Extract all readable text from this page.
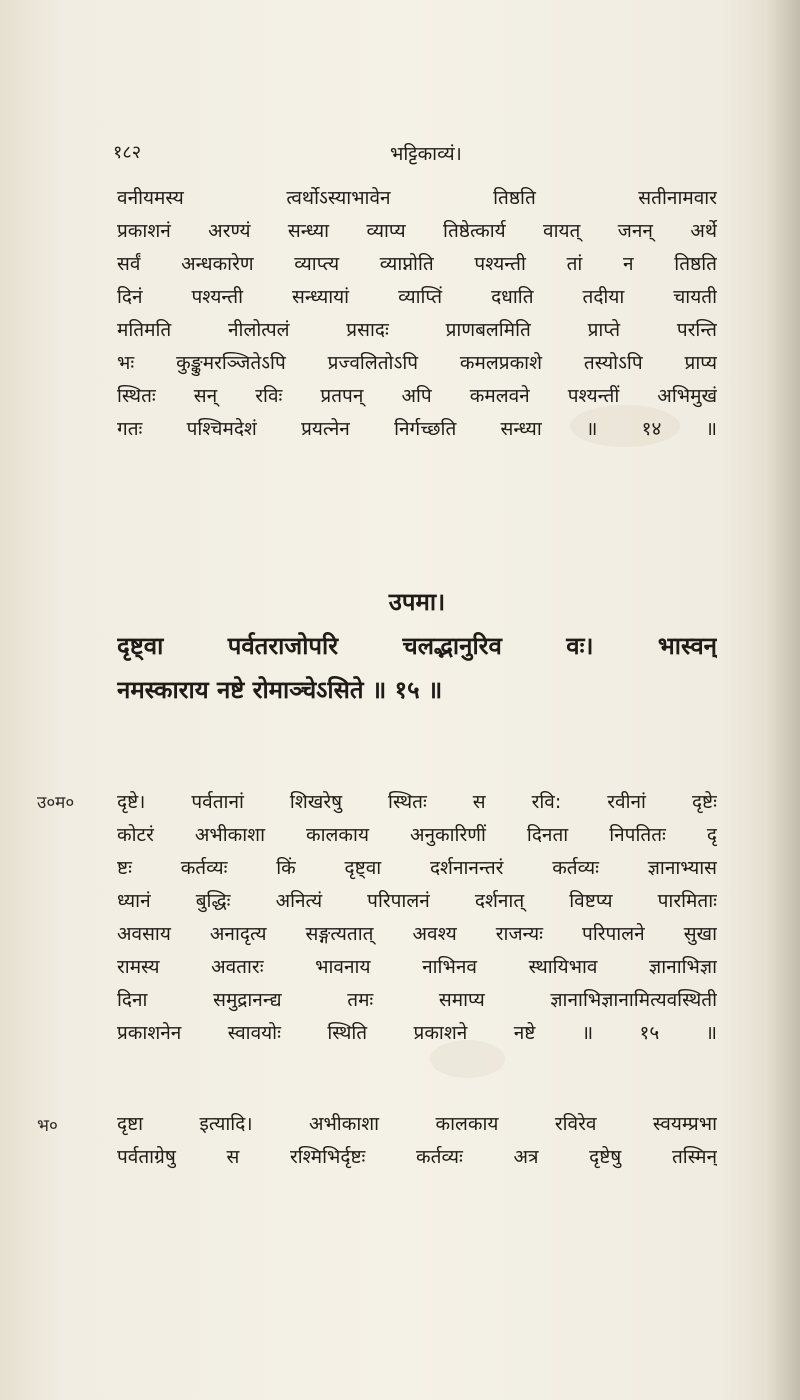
१८२	भट्टिकाव्यं।
वनीयमस्य त्वर्थोऽस्याभावेन तिष्ठति सतीनामवार
प्रकाशनं अरण्यं सन्ध्या व्याप्य तिष्ठेत्कार्य वायत् जनन् अर्थे
सर्वं अन्धकारेण व्याप्त्य व्याप्नोति पश्यन्ती तां न तिष्ठति
दिनं पश्यन्ती सन्ध्यायां व्याप्तिं दधाति तदीया चायती
मतिमति नीलोत्पलं प्रसादः प्राणबलमिति प्राप्ते परन्ति
भः कुङ्कुमरञ्जितेऽपि प्रज्वलितोऽपि कमलप्रकाशे तस्योऽपि प्राप्य
स्थितः सन् रविः प्रतपन् अपि कमलवने पश्यन्तीं अभिमुखं
गतः पश्चिमदेशं प्रयत्नेन निर्गच्छति सन्ध्या ॥ १४ ॥
उपमा।
दृष्ट्वा पर्वतराजोपरि चलद्भानुरिव वः। भास्वन्
नमस्काराय नष्टे रोमाञ्चेऽसिते ॥ १५ ॥
उ०म० दृष्टे। पर्वतानां शिखरेषु स्थितः स रवि: रवीनां दृष्टेः
कोटरं अभीकाशा कालकाय अनुकारिणीं दिनता निपतितः दृ
ष्टः कर्तव्यः किं दृष्ट्वा दर्शनानन्तरं कर्तव्यः ज्ञानाभ्यास
ध्यानं बुद्धिः अनित्यं परिपालनं दर्शनात् विष्टप्य पारमिताः
अवसाय अनादृत्य सङ्गत्यतात् अवश्य राजन्यः परिपालने सुखा
रामस्य अवतारः भावनाय नाभिनव स्थायिभाव ज्ञानाभिज्ञा
दिना समुद्रानन्द्य तमः समाप्य ज्ञानाभिज्ञानामित्यवस्थिती
प्रकाशनेन स्वावयोः स्थिति प्रकाशने नष्टे ॥ १५ ॥
भ०	दृष्टा इत्यादि। अभीकाशा कालकाय रविरेव स्वयम्प्रभा
पर्वताग्रेषु स रश्मिभिर्दृष्टः कर्तव्यः अत्र दृष्टेषु तस्मिन्
